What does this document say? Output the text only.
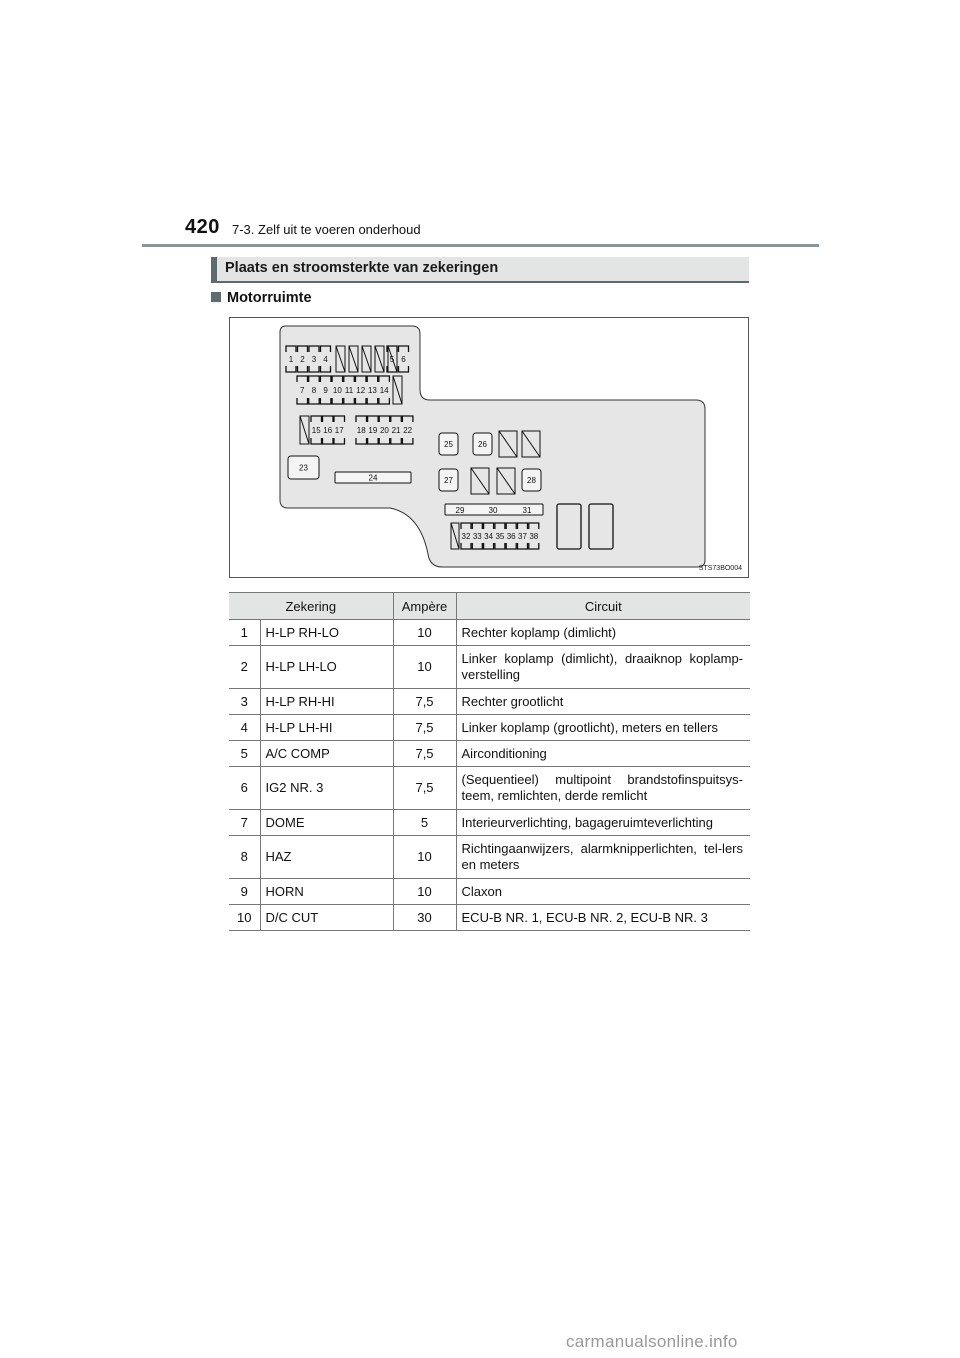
420 7-3. Zelf uit te voeren onderhoud
Plaats en stroomsterkte van zekeringen
Motorruimte
1 2 3 4	5 6
7 8 9 10 11 12 13 14
15 16 17 18 19 20 21 22
23
24
25	26
27	28
29	30	31
32 33 34 35 36 37 38
STS73BO004
Zekering		Ampère	Circuit
1	H-LP RH-LO	10	Rechter koplamp (dimlicht)
2	H-LP LH-LO	10	Linker koplamp (dimlicht), draaiknop koplamp-verstelling
3	H-LP RH-HI	7,5	Rechter grootlicht
4	H-LP LH-HI	7,5	Linker koplamp (grootlicht), meters en tellers
5	A/C COMP	7,5	Airconditioning
6	IG2 NR. 3	7,5	(Sequentieel) multipoint brandstofinspuitsys-teem, remlichten, derde remlicht
7	DOME	5	Interieurverlichting, bagageruimteverlichting
8	HAZ	10	Richtingaanwijzers, alarmknipperlichten, tel-lers en meters
9	HORN	10	Claxon
10	D/C CUT	30	ECU-B NR. 1, ECU-B NR. 2, ECU-B NR. 3
carmanualsonline.info
